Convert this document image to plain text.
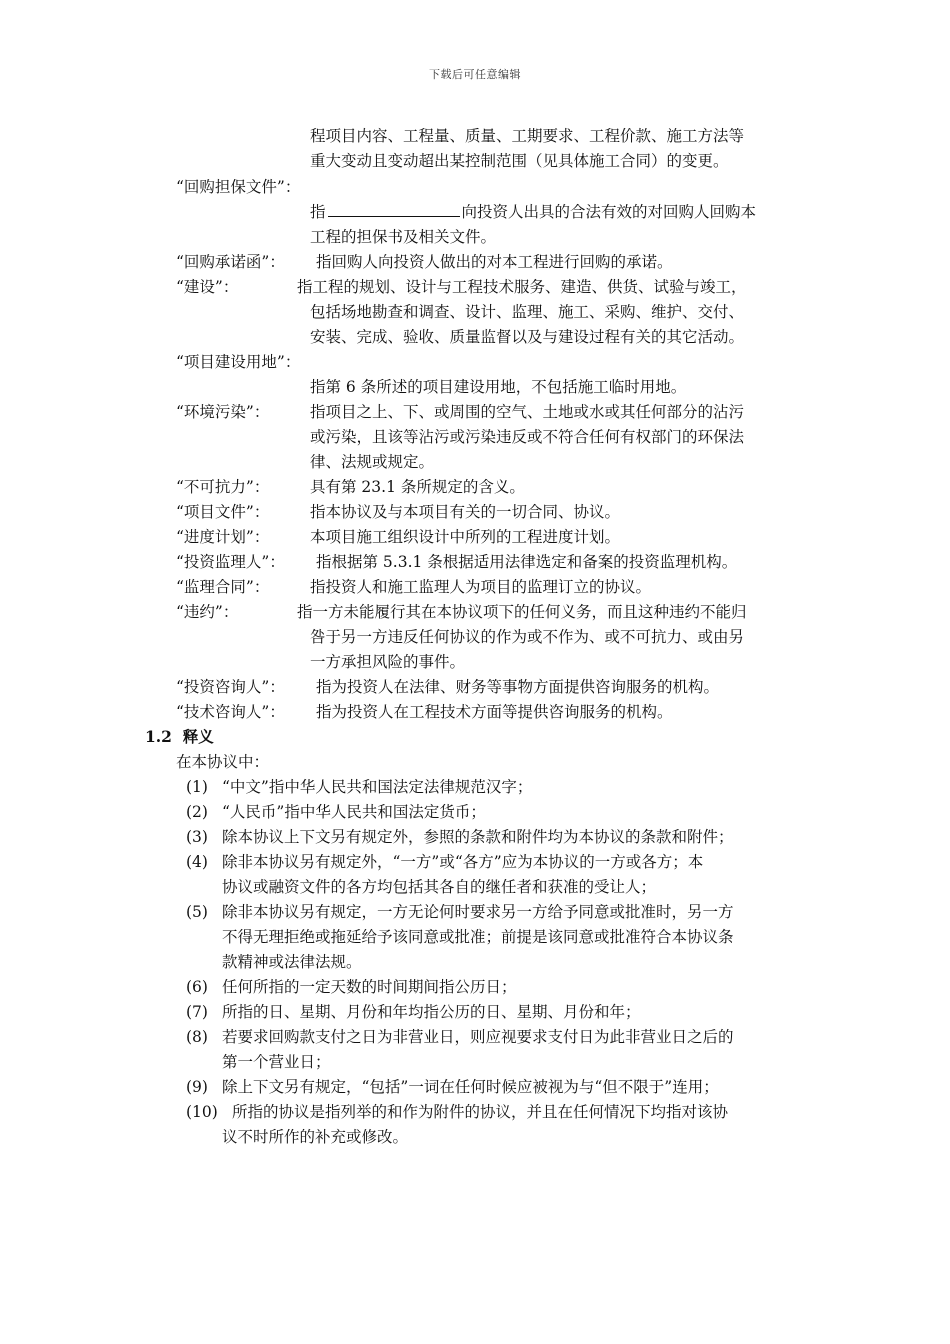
下载后可任意编辑
程项目内容、工程量、质量、工期要求、工程价款、施工方法等
重大变动且变动超出某控制范围（见具体施工合同）的变更。
“回购担保文件”：
指	向投资人出具的合法有效的对回购人回购本
工程的担保书及相关文件。
“回购承诺函”： 指回购人向投资人做出的对本工程进行回购的承诺。
“建设”：	指工程的规划、设计与工程技术服务、建造、供货、试验与竣工，
包括场地勘查和调查、设计、监理、施工、采购、维护、交付、
安装、完成、验收、质量监督以及与建设过程有关的其它活动。
“项目建设用地”：
指第 6 条所述的项目建设用地，不包括施工临时用地。
“环境污染”：	指项目之上、下、或周围的空气、土地或水或其任何部分的沾污
或污染，且该等沾污或污染违反或不符合任何有权部门的环保法
律、法规或规定。
“不可抗力”：	具有第 23.1 条所规定的含义。
“项目文件”：	指本协议及与本项目有关的一切合同、协议。
“进度计划”：	本项目施工组织设计中所列的工程进度计划。
“投资监理人”： 指根据第 5.3.1 条根据适用法律选定和备案的投资监理机构。
“监理合同”：	指投资人和施工监理人为项目的监理订立的协议。
“违约”：	指一方未能履行其在本协议项下的任何义务，而且这种违约不能归
咎于另一方违反任何协议的作为或不作为、或不可抗力、或由另
一方承担风险的事件。
“投资咨询人”： 指为投资人在法律、财务等事物方面提供咨询服务的机构。
“技术咨询人”： 指为投资人在工程技术方面等提供咨询服务的机构。
1.2 释义
在本协议中：
(1) “中文”指中华人民共和国法定法律规范汉字；
(2) “人民币”指中华人民共和国法定货币；
(3) 除本协议上下文另有规定外，参照的条款和附件均为本协议的条款和附件；
(4) 除非本协议另有规定外，“一方”或“各方”应为本协议的一方或各方；本
协议或融资文件的各方均包括其各自的继任者和获准的受让人；
(5) 除非本协议另有规定，一方无论何时要求另一方给予同意或批准时，另一方
不得无理拒绝或拖延给予该同意或批准；前提是该同意或批准符合本协议条
款精神或法律法规。
(6) 任何所指的一定天数的时间期间指公历日；
(7) 所指的日、星期、月份和年均指公历的日、星期、月份和年；
(8) 若要求回购款支付之日为非营业日，则应视要求支付日为此非营业日之后的
第一个营业日；
(9) 除上下文另有规定，“包括”一词在任何时候应被视为与“但不限于”连用；
(10) 所指的协议是指列举的和作为附件的协议，并且在任何情况下均指对该协
议不时所作的补充或修改。
